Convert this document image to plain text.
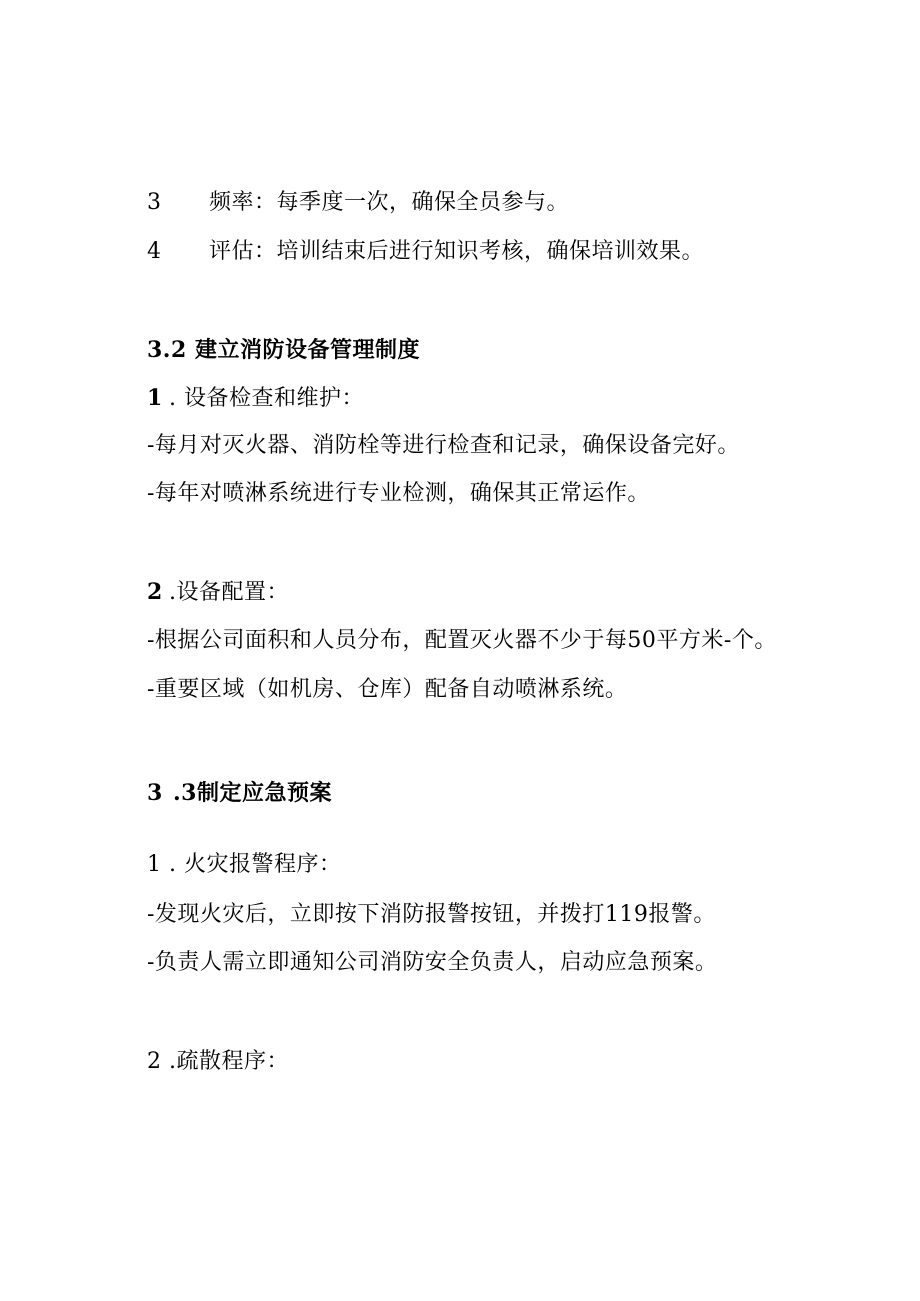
3 频率：每季度一次，确保全员参与。
4 评估：培训结束后进行知识考核，确保培训效果。
3.2 建立消防设备管理制度
1 . 设备检查和维护：
-每月对灭火器、消防栓等进行检查和记录，确保设备完好。
-每年对喷淋系统进行专业检测，确保其正常运作。
2 .设备配置：
-根据公司面积和人员分布，配置灭火器不少于每50平方米-个。
-重要区域（如机房、仓库）配备自动喷淋系统。
3 .3制定应急预案
1 . 火灾报警程序：
-发现火灾后，立即按下消防报警按钮，并拨打119报警。
-负责人需立即通知公司消防安全负责人，启动应急预案。
2 .疏散程序：
